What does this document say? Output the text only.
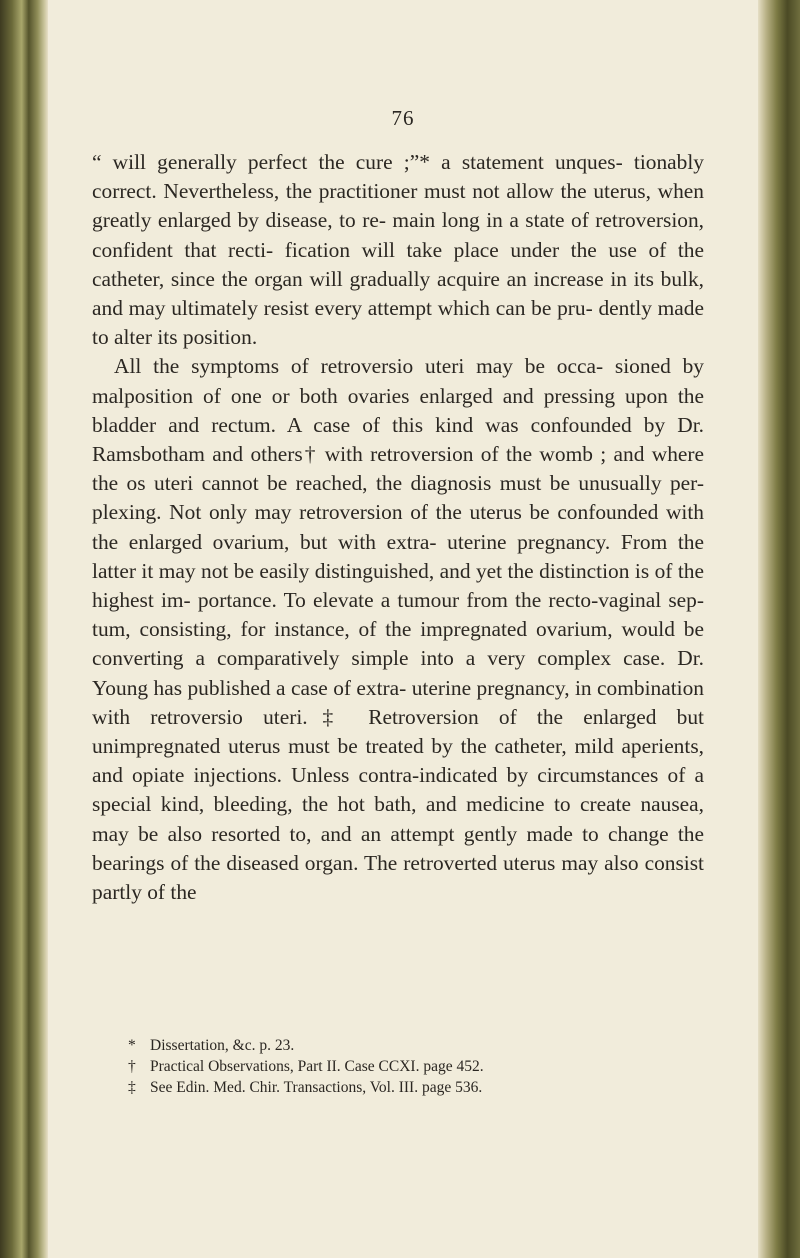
76

“ will generally perfect the cure ;”* a statement unques- tionably correct. Nevertheless, the practitioner must not allow the uterus, when greatly enlarged by disease, to re- main long in a state of retroversion, confident that recti- fication will take place under the use of the catheter, since the organ will gradually acquire an increase in its bulk, and may ultimately resist every attempt which can be pru- dently made to alter its position.

All the symptoms of retroversio uteri may be occa- sioned by malposition of one or both ovaries enlarged and pressing upon the bladder and rectum. A case of this kind was confounded by Dr. Ramsbotham and others† with retroversion of the womb ; and where the os uteri cannot be reached, the diagnosis must be unusually per- plexing. Not only may retroversion of the uterus be confounded with the enlarged ovarium, but with extra- uterine pregnancy. From the latter it may not be easily distinguished, and yet the distinction is of the highest im- portance. To elevate a tumour from the recto-vaginal sep- tum, consisting, for instance, of the impregnated ovarium, would be converting a comparatively simple into a very complex case. Dr. Young has published a case of extra- uterine pregnancy, in combination with retroversio uteri.‡ Retroversion of the enlarged but unimpregnated uterus must be treated by the catheter, mild aperients, and opiate injections. Unless contra-indicated by circumstances of a special kind, bleeding, the hot bath, and medicine to create nausea, may be also resorted to, and an attempt gently made to change the bearings of the diseased organ. The retroverted uterus may also consist partly of the

* Dissertation, &c. p. 23.
† Practical Observations, Part II. Case CCXI. page 452.
‡ See Edin. Med. Chir. Transactions, Vol. III. page 536.
